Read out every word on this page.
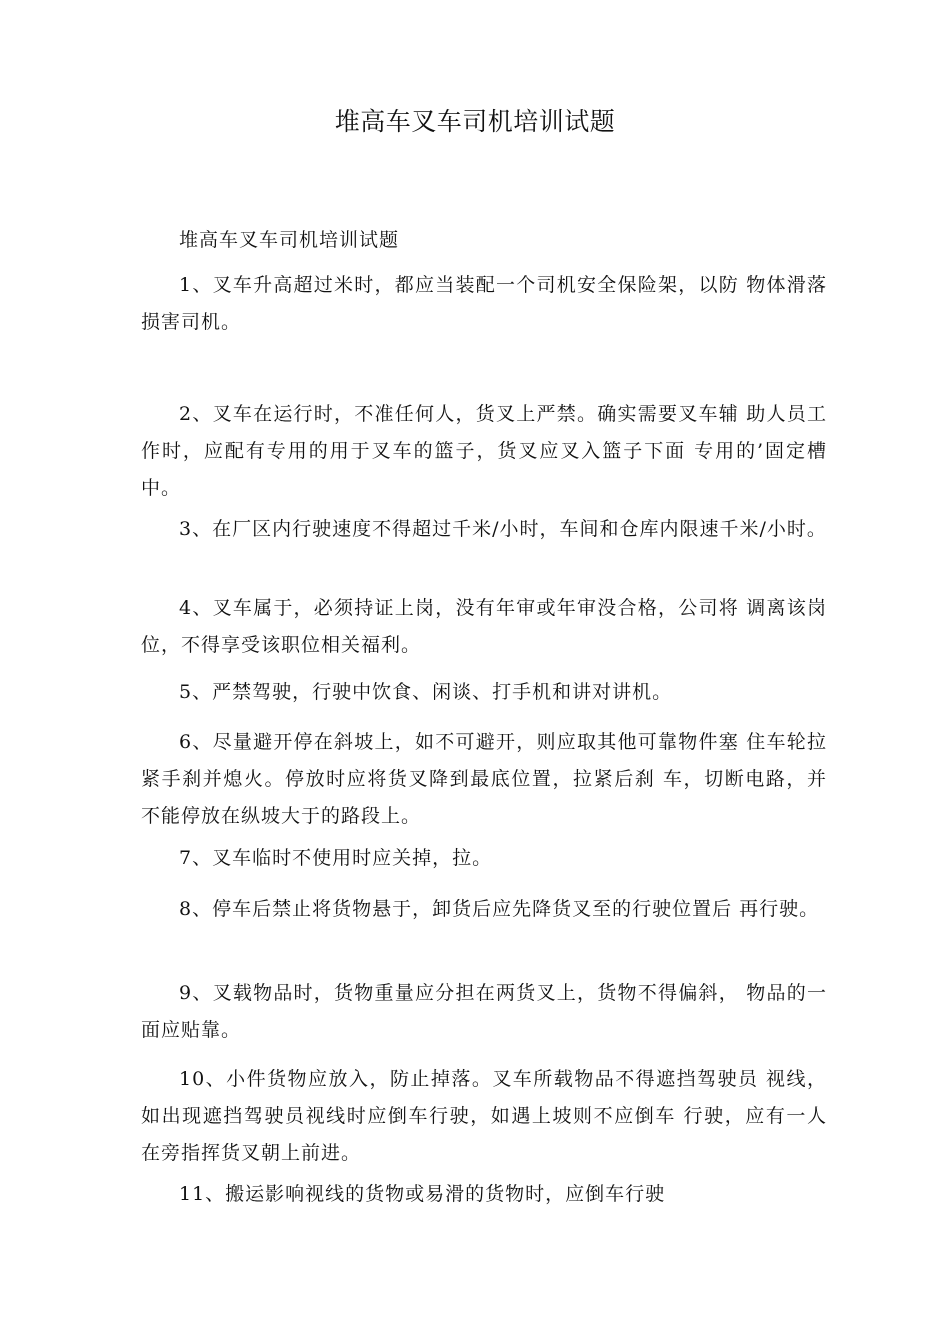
堆高车叉车司机培训试题

堆高车叉车司机培训试题

1、叉车升高超过米时，都应当装配一个司机安全保险架，以防 物体滑落损害司机。

2、叉车在运行时，不准任何人，货叉上严禁。确实需要叉车辅 助人员工作时，应配有专用的用于叉车的篮子，货叉应叉入篮子下面 专用的’固定槽中。

3、在厂区内行驶速度不得超过千米/小时，车间和仓库内限速千米/小时。

4、叉车属于，必须持证上岗，没有年审或年审没合格，公司将 调离该岗位，不得享受该职位相关福利。

5、严禁驾驶，行驶中饮食、闲谈、打手机和讲对讲机。

6、尽量避开停在斜坡上，如不可避开，则应取其他可靠物件塞 住车轮拉紧手刹并熄火。停放时应将货叉降到最底位置，拉紧后刹 车，切断电路，并不能停放在纵坡大于的路段上。

7、叉车临时不使用时应关掉，拉。

8、停车后禁止将货物悬于，卸货后应先降货叉至的行驶位置后 再行驶。

9、叉载物品时，货物重量应分担在两货叉上，货物不得偏斜， 物品的一面应贴靠。

10、小件货物应放入，防止掉落。叉车所载物品不得遮挡驾驶员 视线，如出现遮挡驾驶员视线时应倒车行驶，如遇上坡则不应倒车 行驶，应有一人在旁指挥货叉朝上前进。

11、搬运影响视线的货物或易滑的货物时，应倒车行驶
